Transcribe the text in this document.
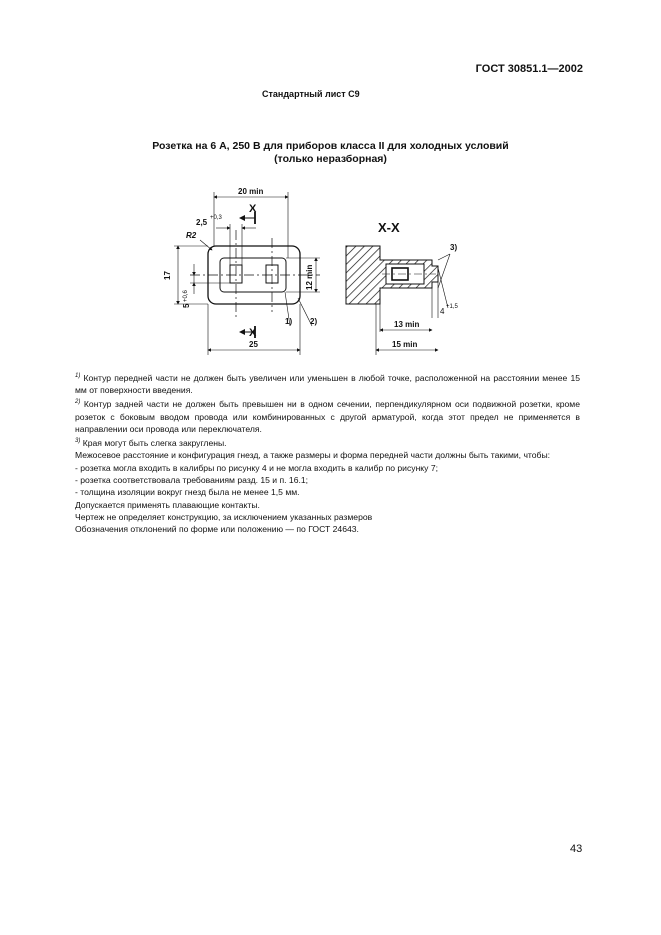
ГОСТ 30851.1—2002
Стандартный лист С9
Розетка на 6 А, 250 В для приборов класса II для холодных условий
(только неразборная)
20 min
2,5 +0,3
R2
17
5
+0,6
12 min
25
X
X
1) 2)
X-X
3)
4 +1,5
13 min
15 min

$^{1)}$ Контур передней части не должен быть увеличен или уменьшен в любой точке, расположенной на расстоянии менее 15 мм от поверхности введения.

$^{2)}$ Контур задней части не должен быть превышен ни в одном сечении, перпендикулярном оси подвижной розетки, кроме розеток с боковым вводом провода или комбинированных с другой арматурой, когда этот предел не применяется в направлении оси провода или переключателя.

$^{3)}$ Края могут быть слегка закруглены.

Межосевое расстояние и конфигурация гнезд, а также размеры и форма передней части должны быть такими, чтобы:

- розетка могла входить в калибры по рисунку 4 и не могла входить в калибр по рисунку 7;
- розетка соответствовала требованиям разд. 15 и п. 16.1;
- толщина изоляции вокруг гнезд была не менее 1,5 мм.

Допускается применять плавающие контакты.

Чертеж не определяет конструкцию, за исключением указанных размеров

Обозначения отклонений по форме или положению — по ГОСТ 24643.

43
